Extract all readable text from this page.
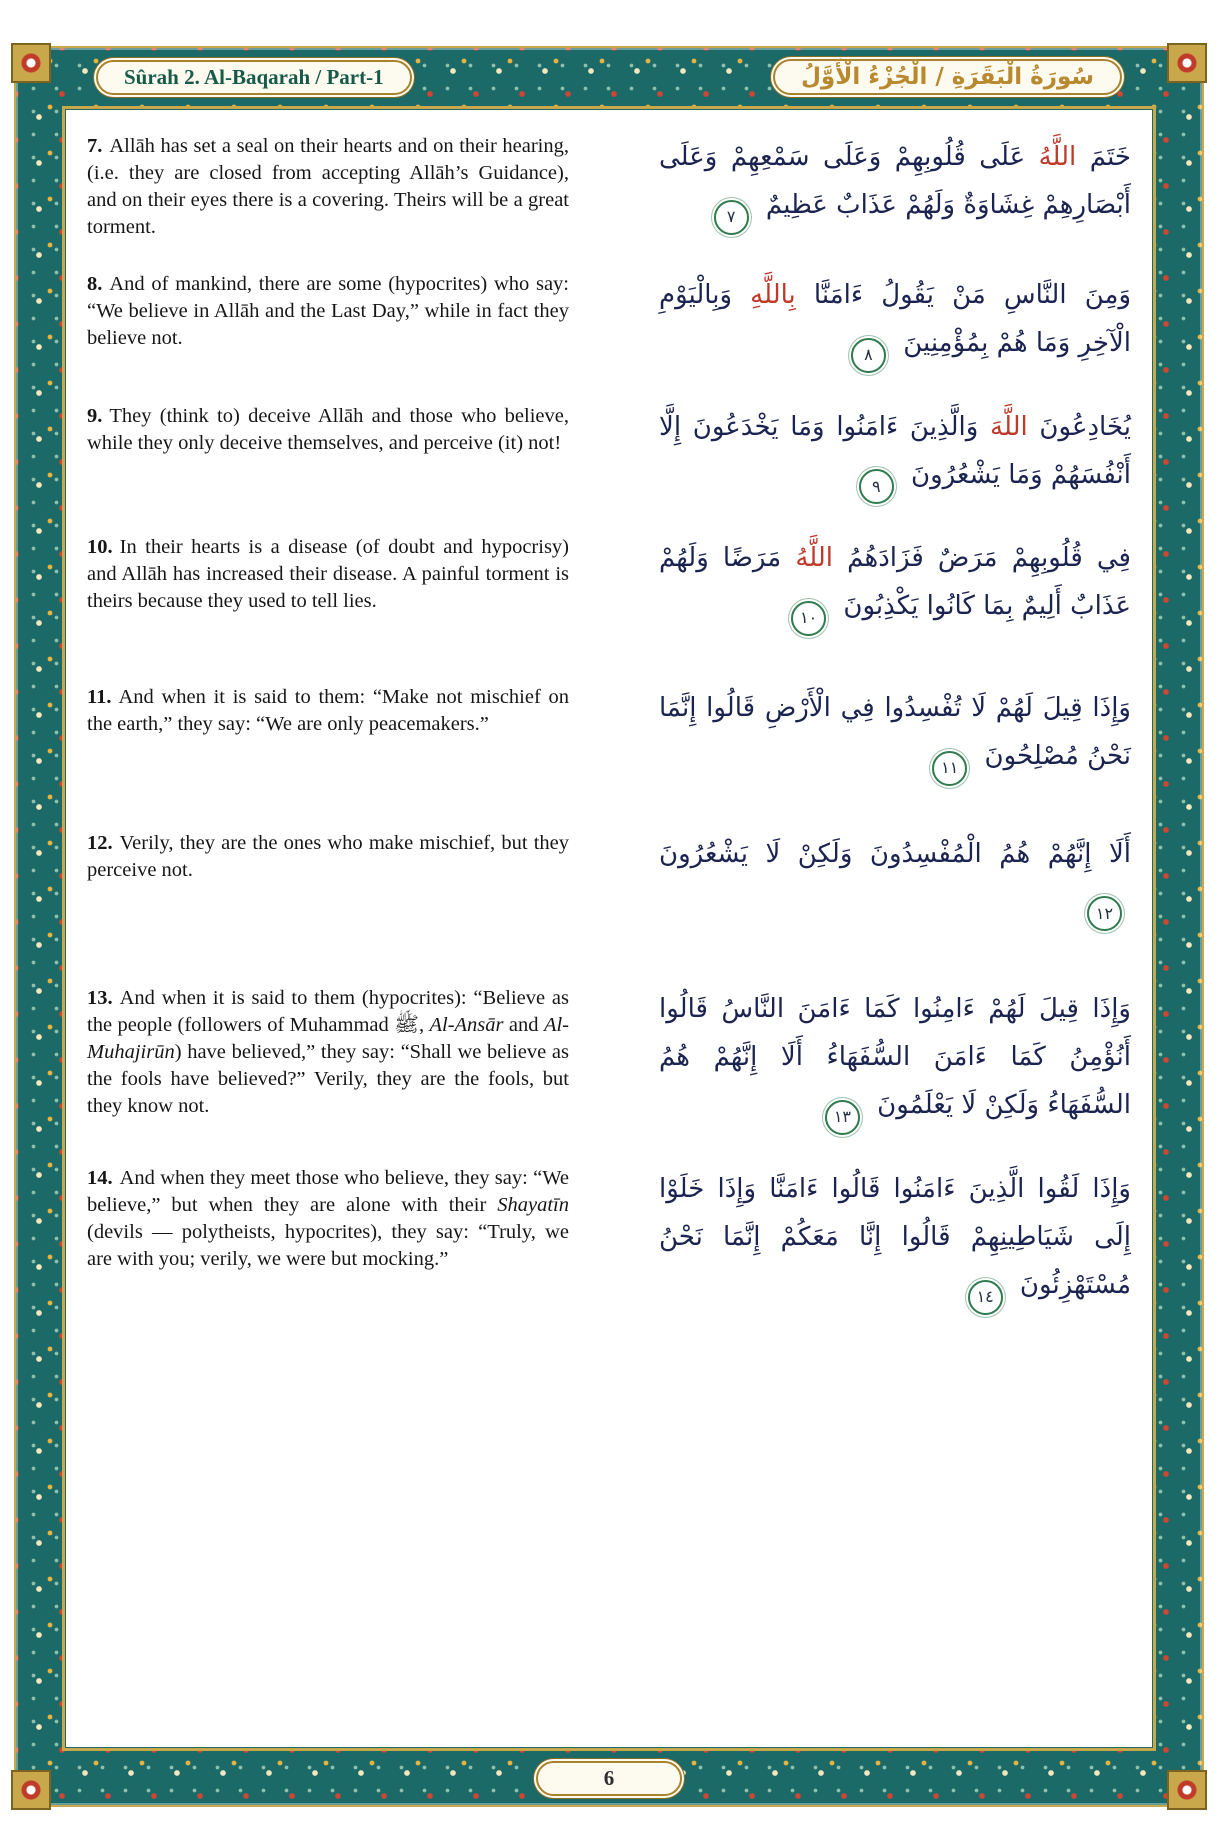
Sûrah 2. Al-Baqarah / Part-1	سُورَةُ الْبَقَرَةِ / الْجُزْءُ الْأَوَّلُ
7. Allāh has set a seal on their hearts and on their hearing, (i.e. they are closed from accepting Allāh’s Guidance), and on their eyes there is a covering. Theirs will be a great torment.
خَتَمَ اللَّهُ عَلَى قُلُوبِهِمْ وَعَلَى سَمْعِهِمْ وَعَلَى أَبْصَارِهِمْ غِشَاوَةٌ وَلَهُمْ عَذَابٌ عَظِيمٌ ٧
8. And of mankind, there are some (hypocrites) who say: “We believe in Allāh and the Last Day,” while in fact they believe not.
وَمِنَ النَّاسِ مَنْ يَقُولُ ءَامَنَّا بِاللَّهِ وَبِالْيَوْمِ الْآخِرِ وَمَا هُمْ بِمُؤْمِنِينَ ٨
9. They (think to) deceive Allāh and those who believe, while they only deceive themselves, and perceive (it) not!
يُخَادِعُونَ اللَّهَ وَالَّذِينَ ءَامَنُوا وَمَا يَخْدَعُونَ إِلَّا أَنْفُسَهُمْ وَمَا يَشْعُرُونَ ٩
10. In their hearts is a disease (of doubt and hypocrisy) and Allāh has increased their disease. A painful torment is theirs because they used to tell lies.
فِي قُلُوبِهِمْ مَرَضٌ فَزَادَهُمُ اللَّهُ مَرَضًا وَلَهُمْ عَذَابٌ أَلِيمٌ بِمَا كَانُوا يَكْذِبُونَ ١٠
11. And when it is said to them: “Make not mischief on the earth,” they say: “We are only peacemakers.”
وَإِذَا قِيلَ لَهُمْ لَا تُفْسِدُوا فِي الْأَرْضِ قَالُوا إِنَّمَا نَحْنُ مُصْلِحُونَ ١١
12. Verily, they are the ones who make mischief, but they perceive not.
أَلَا إِنَّهُمْ هُمُ الْمُفْسِدُونَ وَلَكِنْ لَا يَشْعُرُونَ ١٢
13. And when it is said to them (hypocrites): “Believe as the people (followers of Muhammad ﷺ, Al-Ansār and Al-Muhajirūn) have believed,” they say: “Shall we believe as the fools have believed?” Verily, they are the fools, but they know not.
وَإِذَا قِيلَ لَهُمْ ءَامِنُوا كَمَا ءَامَنَ النَّاسُ قَالُوا أَنُؤْمِنُ كَمَا ءَامَنَ السُّفَهَاءُ أَلَا إِنَّهُمْ هُمُ السُّفَهَاءُ وَلَكِنْ لَا يَعْلَمُونَ ١٣
14. And when they meet those who believe, they say: “We believe,” but when they are alone with their Shayatīn (devils — polytheists, hypocrites), they say: “Truly, we are with you; verily, we were but mocking.”
وَإِذَا لَقُوا الَّذِينَ ءَامَنُوا قَالُوا ءَامَنَّا وَإِذَا خَلَوْا إِلَى شَيَاطِينِهِمْ قَالُوا إِنَّا مَعَكُمْ إِنَّمَا نَحْنُ مُسْتَهْزِئُونَ ١٤
6
